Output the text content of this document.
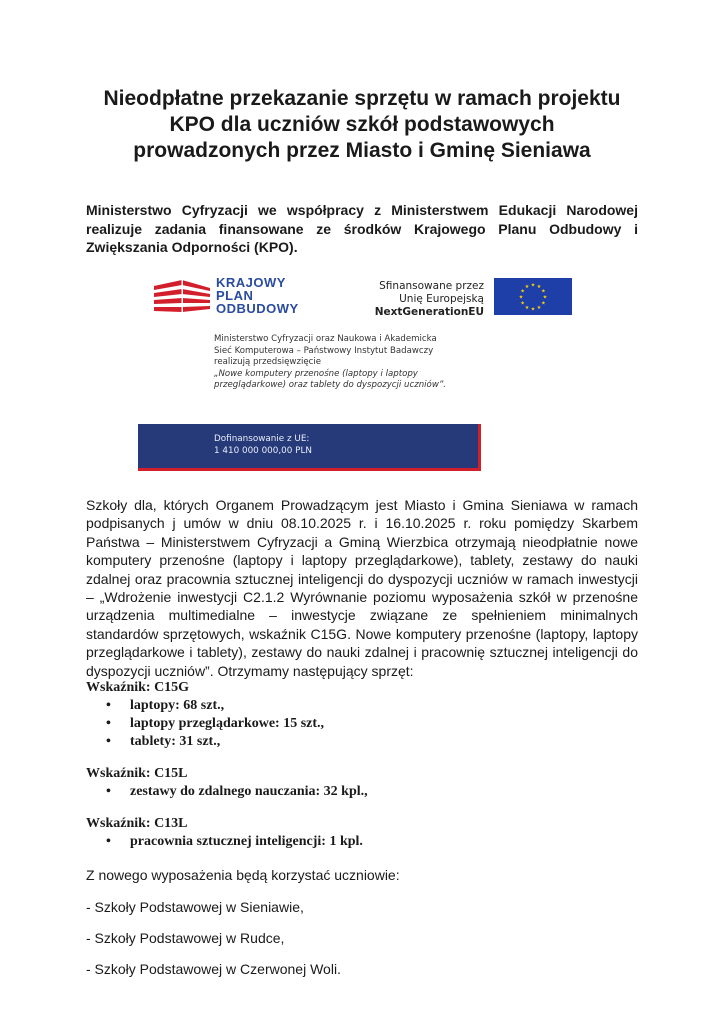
Nieodpłatne przekazanie sprzętu w ramach projektu
KPO dla uczniów szkół podstawowych
prowadzonych przez Miasto i Gminę Sieniawa

Ministerstwo Cyfryzacji we współpracy z Ministerstwem Edukacji Narodowej realizuje zadania finansowane ze środków Krajowego Planu Odbudowy i Zwiększania Odporności (KPO).

KRAJOWY
PLAN
ODBUDOWY
Sfinansowane przez
Unię Europejską
NextGenerationEU
★ ★
★
★
★
★
★
★
★
★
★
★
Ministerstwo Cyfryzacji oraz Naukowa i Akademicka
Sieć Komputerowa – Państwowy Instytut Badawczy
realizują przedsięwzięcie
„Nowe komputery przenośne (laptopy i laptopy
przeglądarkowe) oraz tablety do dyspozycji uczniów”.
Dofinansowanie z UE:
1 410 000 000,00 PLN

Szkoły dla, których Organem Prowadzącym jest Miasto i Gmina Sieniawa w ramach podpisanych j umów w dniu 08.10.2025 r. i 16.10.2025 r. roku pomiędzy Skarbem Państwa – Ministerstwem Cyfryzacji a Gminą Wierzbica otrzymają nieodpłatnie nowe komputery przenośne (laptopy i laptopy przeglądarkowe), tablety, zestawy do nauki zdalnej oraz pracownia sztucznej inteligencji do dyspozycji uczniów w ramach inwestycji – „Wdrożenie inwestycji C2.1.2 Wyrównanie poziomu wyposażenia szkół w przenośne urządzenia multimedialne – inwestycje związane ze spełnieniem minimalnych standardów sprzętowych, wskaźnik C15G. Nowe komputery przenośne (laptopy, laptopy przeglądarkowe i tablety), zestawy do nauki zdalnej i pracownię sztucznej inteligencji do dyspozycji uczniów”. Otrzymamy następujący sprzęt:

Wskaźnik: C15G
• laptopy: 68 szt.,
• laptopy przeglądarkowe: 15 szt.,
• tablety: 31 szt.,
Wskaźnik: C15L
• zestawy do zdalnego nauczania: 32 kpl.,
Wskaźnik: C13L
• pracownia sztucznej inteligencji: 1 kpl.

Z nowego wyposażenia będą korzystać uczniowie:

- Szkoły Podstawowej w Sieniawie,

- Szkoły Podstawowej w Rudce,

- Szkoły Podstawowej w Czerwonej Woli.
